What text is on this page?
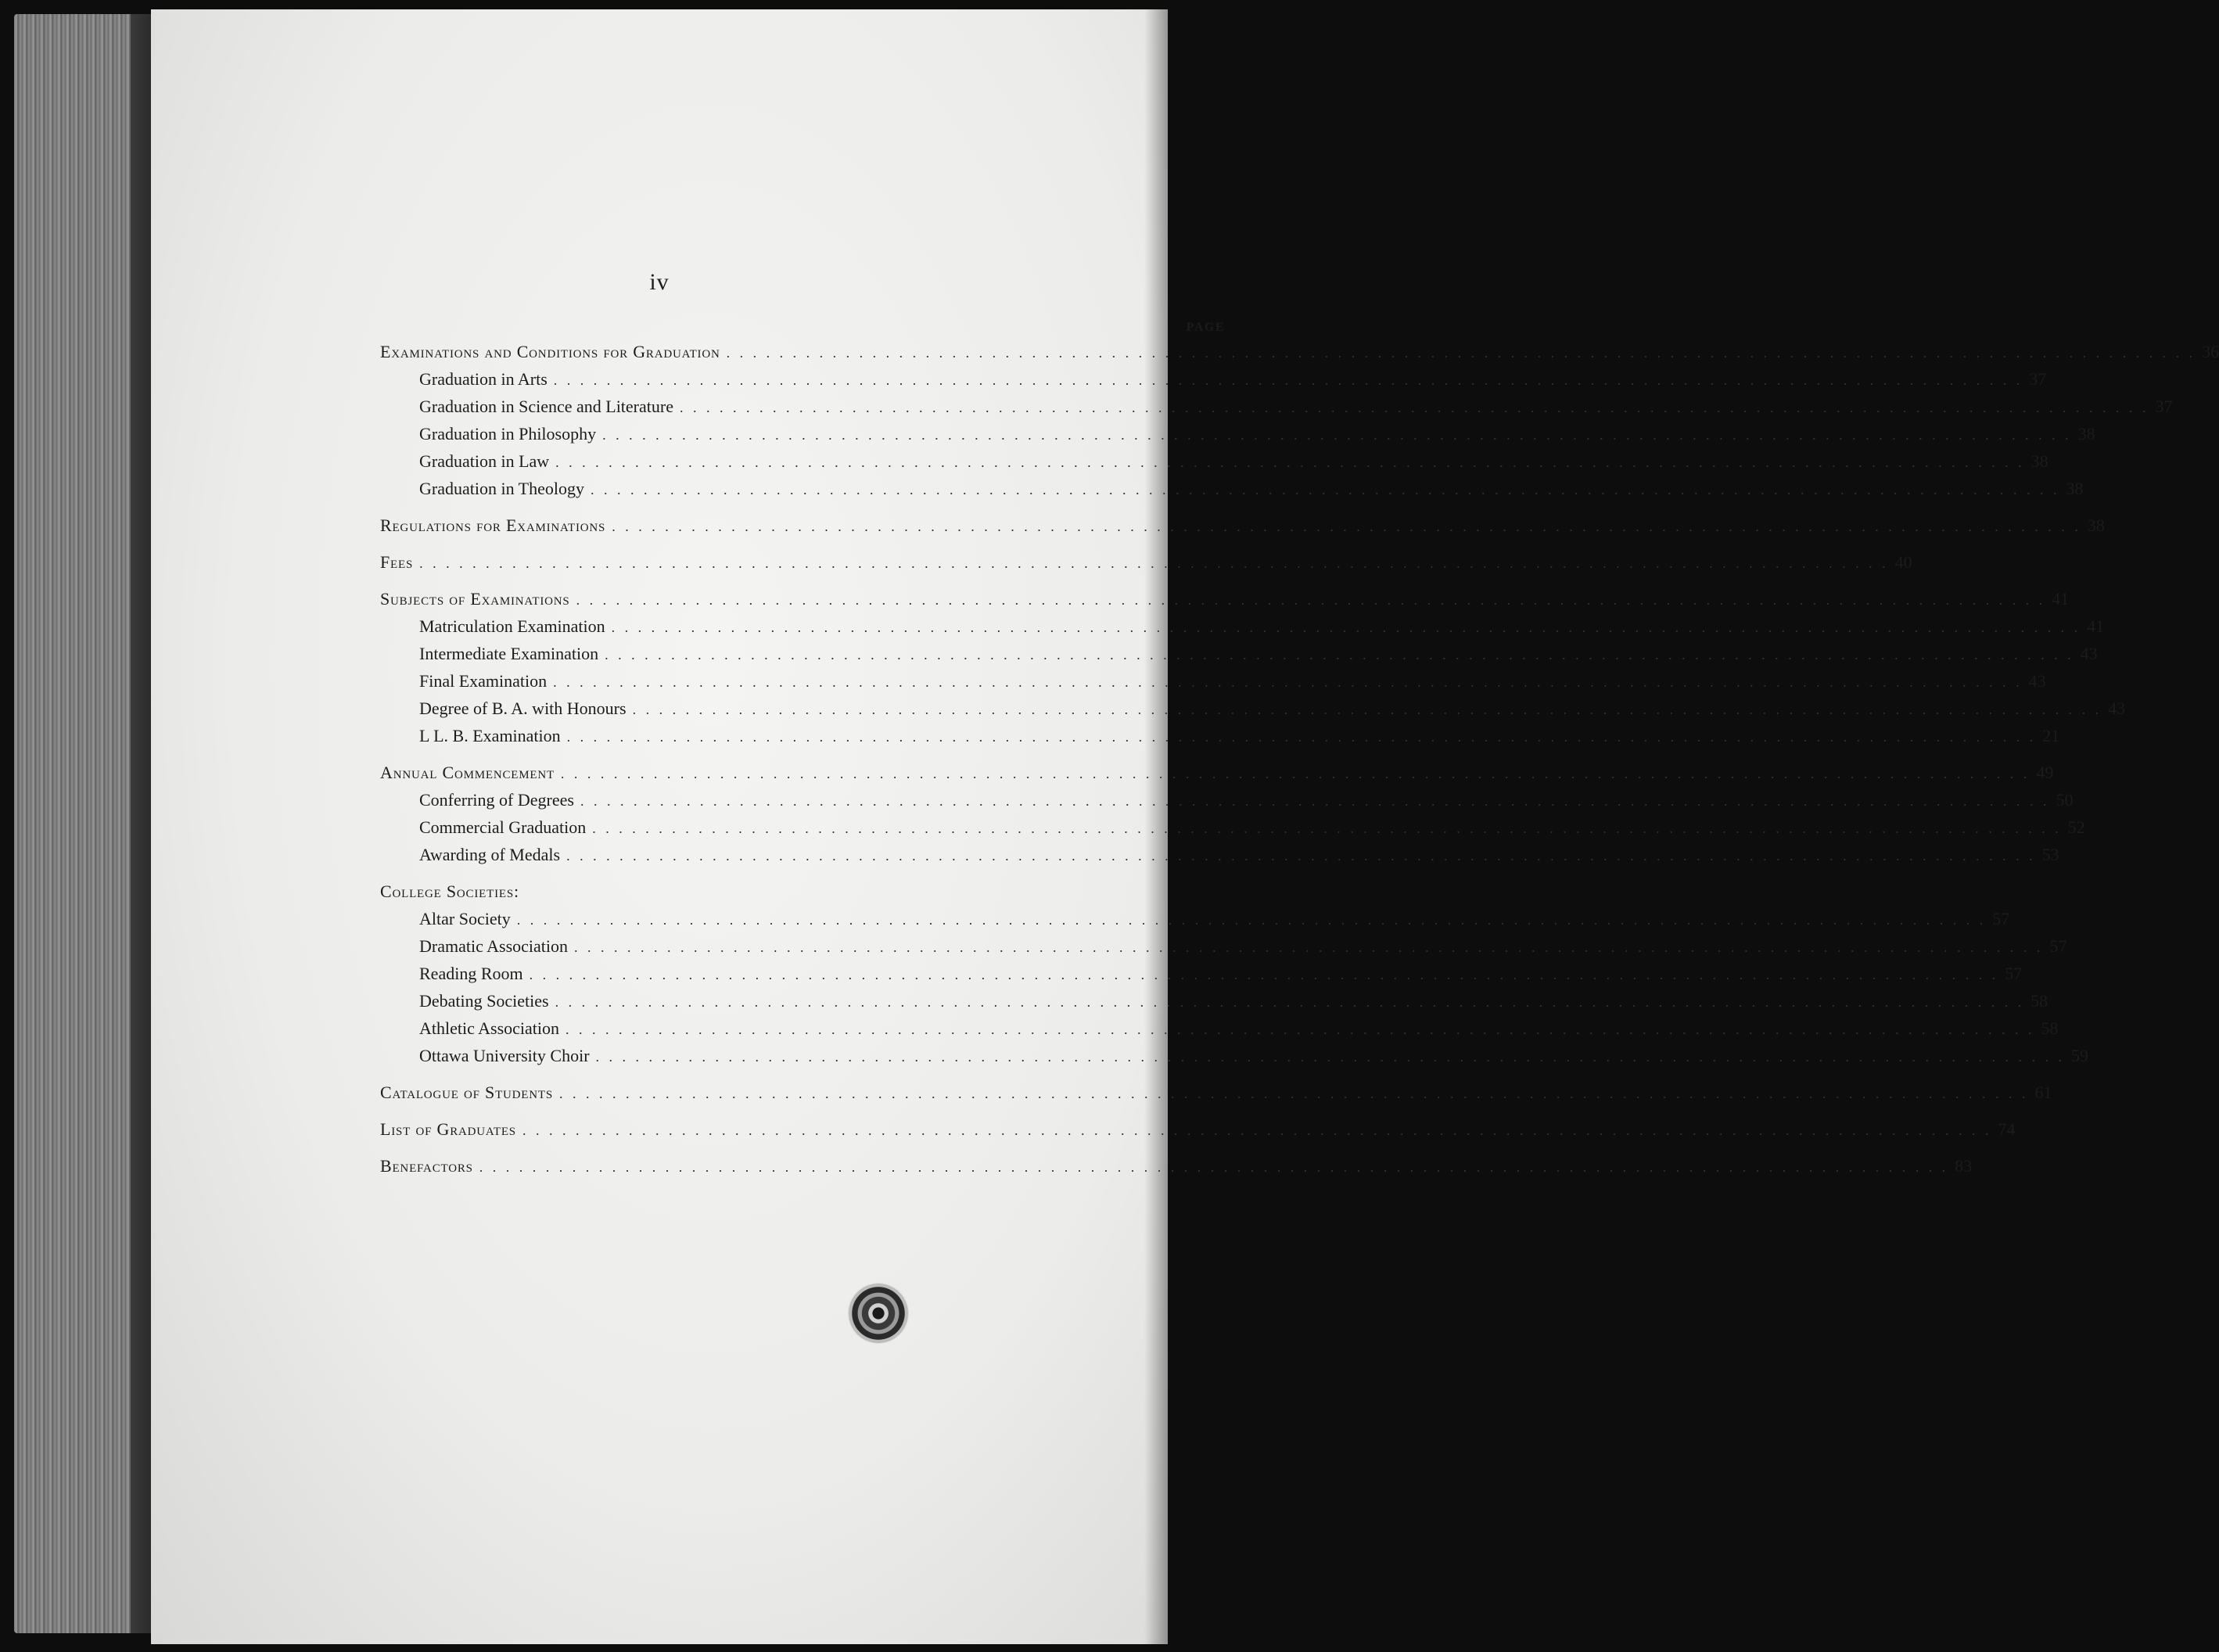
iv
PAGE
Examinations and Conditions for Graduation . . .	36
Graduation in Arts . . .	37
Graduation in Science and Literature . . .	37
Graduation in Philosophy . . .	38
Graduation in Law . . .	38
Graduation in Theology . . .	38
Regulations for Examinations . . .	38
Fees . . .	40
Subjects of Examinations . . .	41
Matriculation Examination . . .	41
Intermediate Examination . . .	43
Final Examination . . .	43
Degree of B. A. with Honours . . .	43
L L. B. Examination . . .	21
Annual Commencement . . .	49
Conferring of Degrees . . .	50
Commercial Graduation . . .	52
Awarding of Medals . . .	53
College Societies:
Altar Society . . .	57
Dramatic Association . . .	57
Reading Room . . .	57
Debating Societies . . .	58
Athletic Association . . .	58
Ottawa University Choir . . .	59
Catalogue of Students . . .	61
List of Graduates . . .	74
Benefactors . . .	83
